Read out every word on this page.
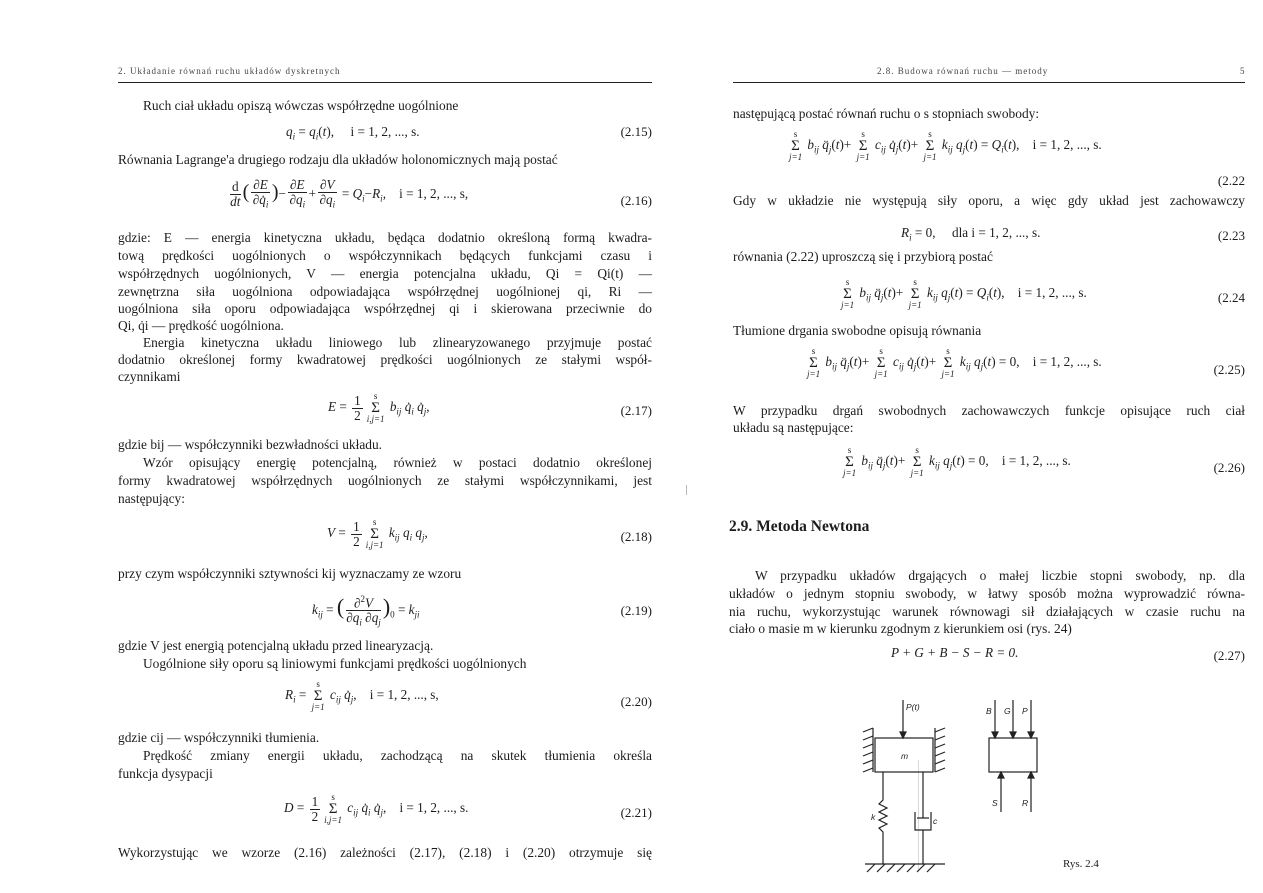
2. Układanie równań ruchu układów dyskretnych
Ruch ciał układu opiszą wówczas współrzędne uogólnione
$q_i = q_i(t)$,     i = 1, 2, ..., s.	(2.15)
Równania Lagrange'a drugiego rodzaju dla układów holonomicznych mają postać
$\frac{d}{dt}$ ( $\frac{\partial E}{\partial q̇_i}$ )− $\frac{\partial E}{\partial q_i} + \frac{\partial V}{\partial q_i} = Q_i-R_i$,    i = 1, 2, ..., s,	(2.16)
gdzie: E — energia kinetyczna układu, będąca dodatnio określoną formą kwadra-
tową prędkości uogólnionych o współczynnikach będących funkcjami czasu i
współrzędnych uogólnionych, V — energia potencjalna układu, Qi = Qi(t) —
zewnętrzna siła uogólniona odpowiadająca współrzędnej uogólnionej qi, Ri —
uogólniona siła oporu odpowiadająca współrzędnej qi i skierowana przeciwnie do
Qi, q̇i — prędkość uogólniona.
Energia kinetyczna układu liniowego lub zlinearyzowanego przyjmuje postać
dodatnio określonej formy kwadratowej prędkości uogólnionych ze stałymi współ-
czynnikami
$E = \frac{1}{2}$	s
Σ
i,j=1
$b_{ij}$ $q̇_i$ $q̇_j$,	(2.17)
gdzie bij — współczynniki bezwładności układu.
Wzór opisujący energię potencjalną, również w postaci dodatnio określonej
formy kwadratowej współrzędnych uogólnionych ze stałymi współczynnikami, jest
następujący:
$V = \frac{1}{2}$	s
Σ
i,j=1
$k_{ij}$ $q_i$ $q_j$,	(2.18)
przy czym współczynniki sztywności kij wyznaczamy ze wzoru
$k_{ij}$ = ( $\frac{\partial^2V}{\partial q_i \partial q_j} )_0 = k_{ji}$	(2.19)
gdzie V jest energią potencjalną układu przed linearyzacją.
Uogólnione siły oporu są liniowymi funkcjami prędkości uogólnionych
$R_i$ =
s
Σ
j=1
$c_{ij}$ $q̇_j$,    i = 1, 2, ..., s,	(2.20)
gdzie cij — współczynniki tłumienia.
Prędkość zmiany energii układu, zachodzącą na skutek tłumienia określa
funkcja dysypacji
$D = \frac{1}{2}$	s
Σ
i,j=1
$c_{ij}$ $q̇_i$ $q̇_j$,    i = 1, 2, ..., s.	(2.21)
Wykorzystując we wzorze (2.16) zależności (2.17), (2.18) i (2.20) otrzymuje się
2.8. Budowa równań ruchu — metody	5
następującą postać równań ruchu o s stopniach swobody:
s
Σ
j=1
$b_{ij}$ $q̈_j(t)+$
s
Σ
j=1
$c_{ij}$ $q̇_j(t)+$
s
Σ
j=1
$k_{ij}$ $q_j(t) = Q_i(t)$,    i = 1, 2, ..., s.
(2.22
Gdy w układzie nie występują siły oporu, a więc gdy układ jest zachowawczy
$R_i = 0$,     dla i = 1, 2, ..., s.	(2.23
równania (2.22) uproszczą się i przybiorą postać
s
Σ
j=1
$b_{ij}$ $q̈_j(t)+$
s
Σ
j=1
$k_{ij}$ $q_j(t) = Q_i(t)$,    i = 1, 2, ..., s.	(2.24
Tłumione drgania swobodne opisują równania
s
Σ
j=1
$b_{ij}$ $q̈_j(t)+$
s
Σ
j=1
$c_{ij}$ $q̇_j(t)+$
s
Σ
j=1
$k_{ij}$ $q_j(t) = 0$,    i = 1, 2, ..., s.
(2.25)
W przypadku drgań swobodnych zachowawczych funkcje opisujące ruch ciał
układu są następujące:
s
Σ
j=1
$b_{ij}$ $q̈_j(t)+$
s
Σ
j=1
$k_{ij}$ $q_j(t) = 0$,    i = 1, 2, ..., s.	(2.26)
2.9. Metoda Newtona
W przypadku układów drgających o małej liczbie stopni swobody, np. dla
układów o jednym stopniu swobody, w łatwy sposób można wyprowadzić równa-
nia ruchu, wykorzystując warunek równowagi sił działających w czasie ruchu na
ciało o masie m w kierunku zgodnym z kierunkiem osi (rys. 24)
P + G + B − S − R = 0.	(2.27)
P(t)
m
k	c
B G P
S	R
Rys. 2.4
